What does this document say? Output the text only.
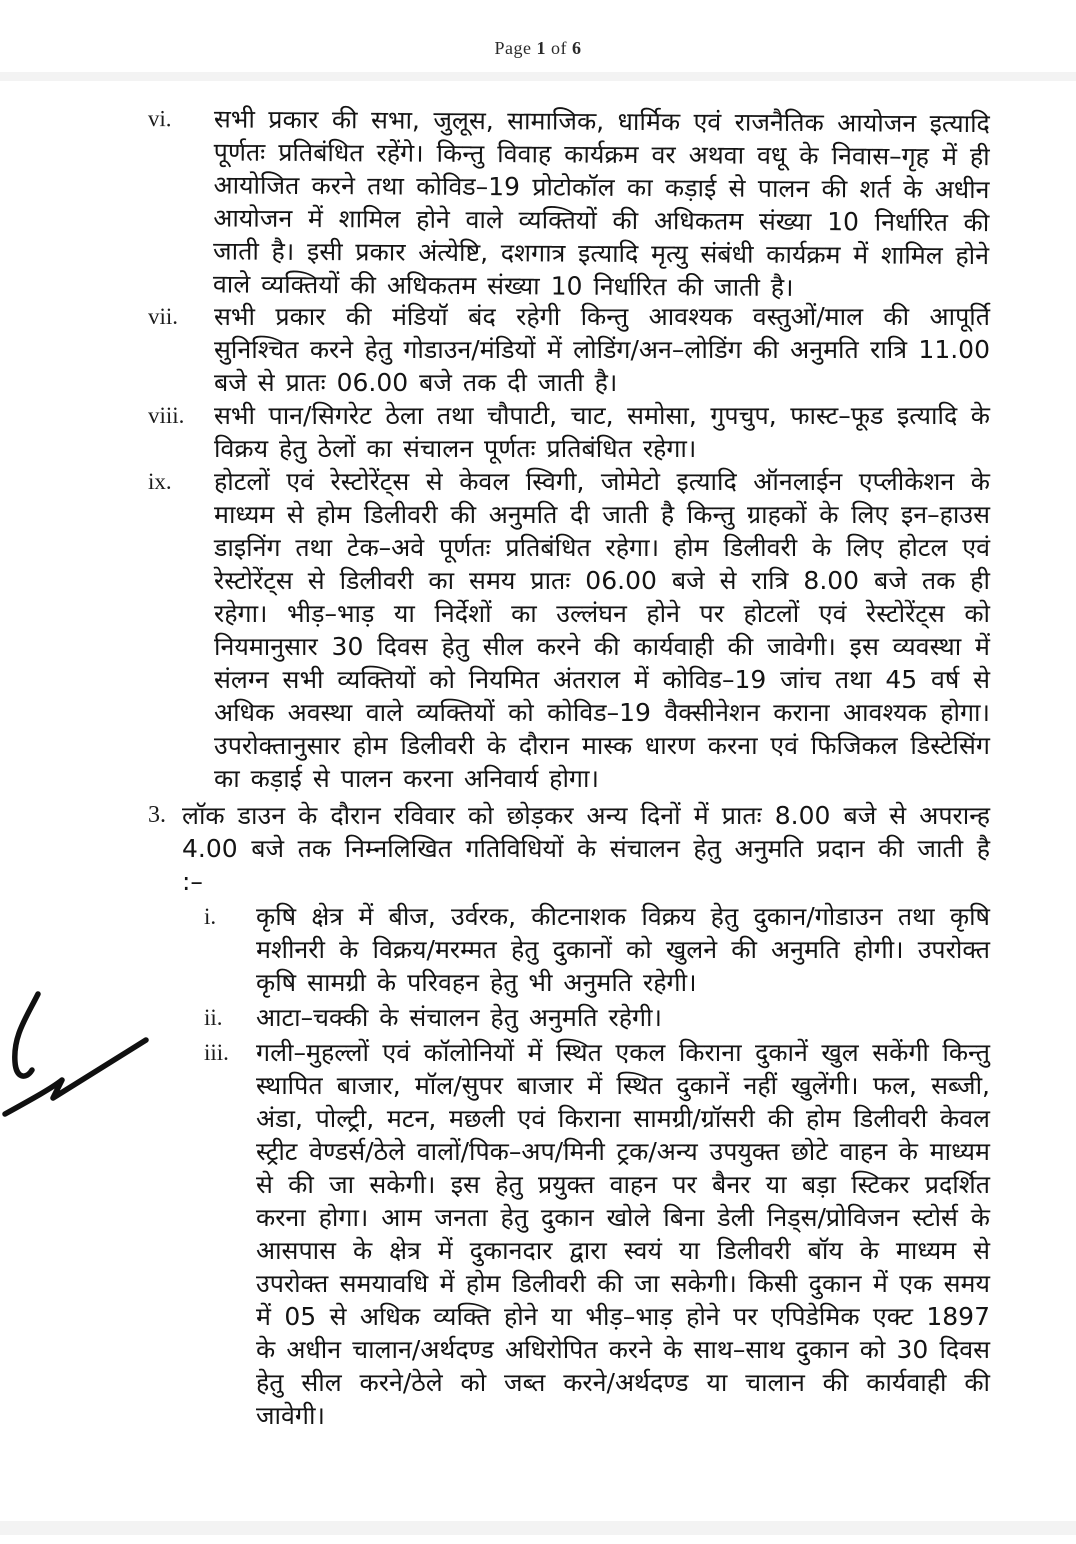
Page 1 of 6
vi.	सभी प्रकार की सभा, जुलूस, सामाजिक, धार्मिक एवं राजनैतिक आयोजन इत्यादि पूर्णतः प्रतिबंधित रहेंगे। किन्तु विवाह कार्यक्रम वर अथवा वधू के निवास–गृह में ही आयोजित करने तथा कोविड–19 प्रोटोकॉल का कड़ाई से पालन की शर्त के अधीन आयोजन में शामिल होने वाले व्यक्तियों की अधिकतम संख्या 10 निर्धारित की जाती है। इसी प्रकार अंत्येष्टि, दशगात्र इत्यादि मृत्यु संबंधी कार्यक्रम में शामिल होने वाले व्यक्तियों की अधिकतम संख्या 10 निर्धारित की जाती है।
vii.	सभी प्रकार की मंडियॉ बंद रहेगी किन्तु आवश्यक वस्तुओं/माल की आपूर्ति सुनिश्चित करने हेतु गोडाउन/मंडियों में लोडिंग/अन–लोडिंग की अनुमति रात्रि 11.00 बजे से प्रातः 06.00 बजे तक दी जाती है।
viii.	सभी पान/सिगरेट ठेला तथा चौपाटी, चाट, समोसा, गुपचुप, फास्ट–फूड इत्यादि के विक्रय हेतु ठेलों का संचालन पूर्णतः प्रतिबंधित रहेगा।
ix.	होटलों एवं रेस्टोरेंट्स से केवल स्विगी, जोमेटो इत्यादि ऑनलाईन एप्लीकेशन के माध्यम से होम डिलीवरी की अनुमति दी जाती है किन्तु ग्राहकों के लिए इन–हाउस डाइनिंग तथा टेक–अवे पूर्णतः प्रतिबंधित रहेगा। होम डिलीवरी के लिए होटल एवं रेस्टोरेंट्स से डिलीवरी का समय प्रातः 06.00 बजे से रात्रि 8.00 बजे तक ही रहेगा। भीड़–भाड़ या निर्देशों का उल्लंघन होने पर होटलों एवं रेस्टोरेंट्स को नियमानुसार 30 दिवस हेतु सील करने की कार्यवाही की जावेगी। इस व्यवस्था में संलग्न सभी व्यक्तियों को नियमित अंतराल में कोविड–19 जांच तथा 45 वर्ष से अधिक अवस्था वाले व्यक्तियों को कोविड–19 वैक्सीनेशन कराना आवश्यक होगा। उपरोक्तानुसार होम डिलीवरी के दौरान मास्क धारण करना एवं फिजिकल डिस्टेसिंग का कड़ाई से पालन करना अनिवार्य होगा।
3. लॉक डाउन के दौरान रविवार को छोड़कर अन्य दिनों में प्रातः 8.00 बजे से अपरान्ह 4.00 बजे तक निम्नलिखित गतिविधियों के संचालन हेतु अनुमति प्रदान की जाती है :–
i.	कृषि क्षेत्र में बीज, उर्वरक, कीटनाशक विक्रय हेतु दुकान/गोडाउन तथा कृषि मशीनरी के विक्रय/मरम्मत हेतु दुकानों को खुलने की अनुमति होगी। उपरोक्त कृषि सामग्री के परिवहन हेतु भी अनुमति रहेगी।
ii.	आटा–चक्की के संचालन हेतु अनुमति रहेगी।
iii.	गली–मुहल्लों एवं कॉलोनियों में स्थित एकल किराना दुकानें खुल सकेंगी किन्तु स्थापित बाजार, मॉल/सुपर बाजार में स्थित दुकानें नहीं खुलेंगी। फल, सब्जी, अंडा, पोल्ट्री, मटन, मछली एवं किराना सामग्री/ग्रॉसरी की होम डिलीवरी केवल स्ट्रीट वेण्डर्स/ठेले वालों/पिक–अप/मिनी ट्रक/अन्य उपयुक्त छोटे वाहन के माध्यम से की जा सकेगी। इस हेतु प्रयुक्त वाहन पर बैनर या बड़ा स्टिकर प्रदर्शित करना होगा। आम जनता हेतु दुकान खोले बिना डेली निड्स/प्रोविजन स्टोर्स के आसपास के क्षेत्र में दुकानदार द्वारा स्वयं या डिलीवरी बॉय के माध्यम से उपरोक्त समयावधि में होम डिलीवरी की जा सकेगी। किसी दुकान में एक समय में 05 से अधिक व्यक्ति होने या भीड़–भाड़ होने पर एपिडेमिक एक्ट 1897 के अधीन चालान/अर्थदण्ड अधिरोपित करने के साथ–साथ दुकान को 30 दिवस हेतु सील करने/ठेले को जब्त करने/अर्थदण्ड या चालान की कार्यवाही की जावेगी।
